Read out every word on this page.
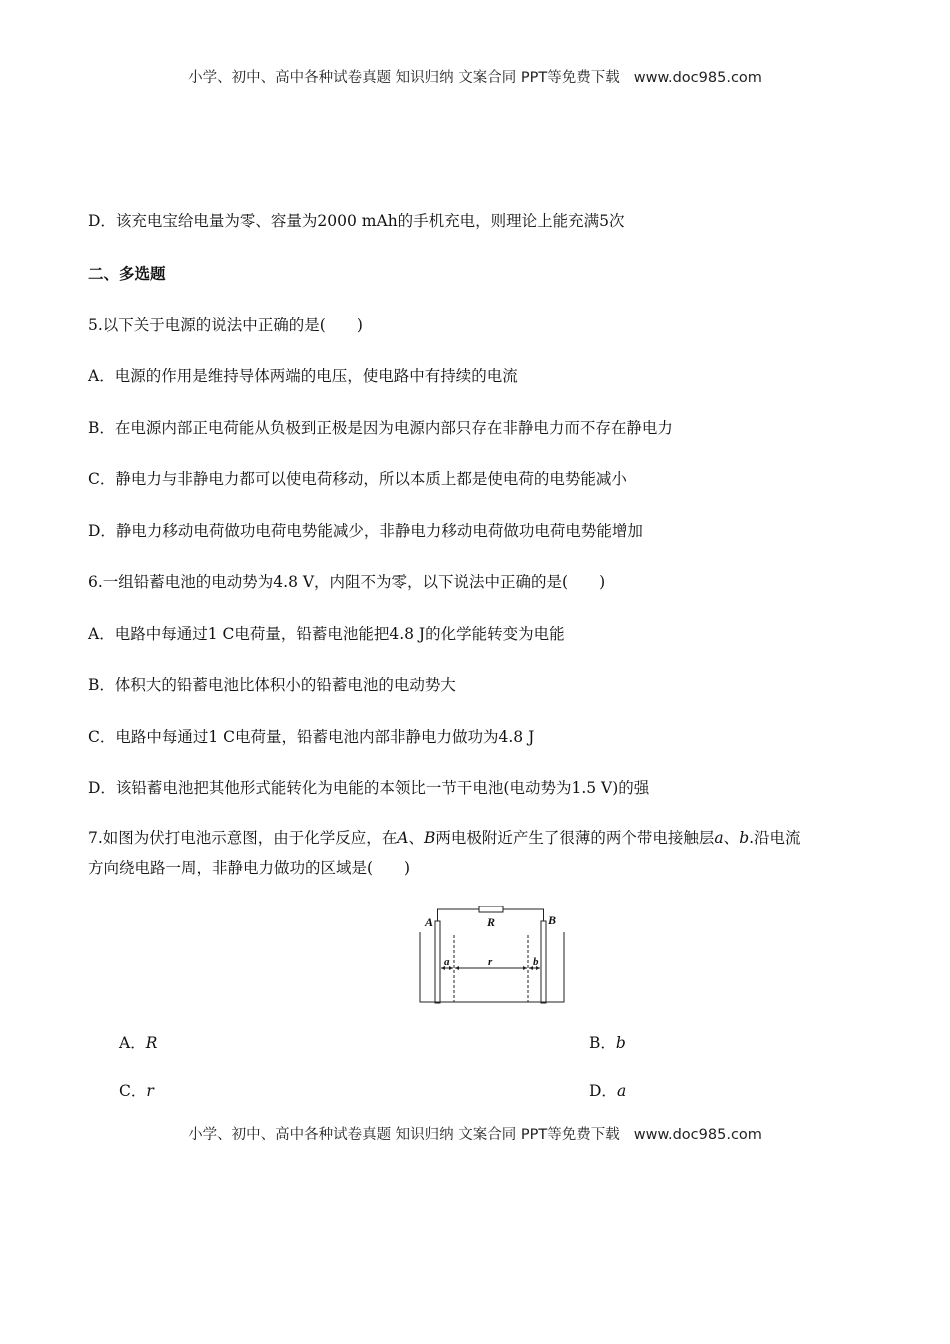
小学、初中、高中各种试卷真题 知识归纳 文案合同 PPT等免费下载 www.doc985.com
D．该充电宝给电量为零、容量为2000 mAh的手机充电，则理论上能充满5次
二、多选题
5.以下关于电源的说法中正确的是(　　)
A．电源的作用是维持导体两端的电压，使电路中有持续的电流
B．在电源内部正电荷能从负极到正极是因为电源内部只存在非静电力而不存在静电力
C．静电力与非静电力都可以使电荷移动，所以本质上都是使电荷的电势能减小
D．静电力移动电荷做功电荷电势能减少，非静电力移动电荷做功电荷电势能增加
6.一组铅蓄电池的电动势为4.8 V，内阻不为零，以下说法中正确的是(　　)
A．电路中每通过1 C电荷量，铅蓄电池能把4.8 J的化学能转变为电能
B．体积大的铅蓄电池比体积小的铅蓄电池的电动势大
C．电路中每通过1 C电荷量，铅蓄电池内部非静电力做功为4.8 J
D．该铅蓄电池把其他形式能转化为电能的本领比一节干电池(电动势为1.5 V)的强
7.如图为伏打电池示意图，由于化学反应，在A、B两电极附近产生了很薄的两个带电接触层a、b.沿电流
方向绕电路一周，非静电力做功的区域是(　　)
A	B
R
a	r	b
A．R	B．b
C．r	D．a
小学、初中、高中各种试卷真题 知识归纳 文案合同 PPT等免费下载 www.doc985.com
